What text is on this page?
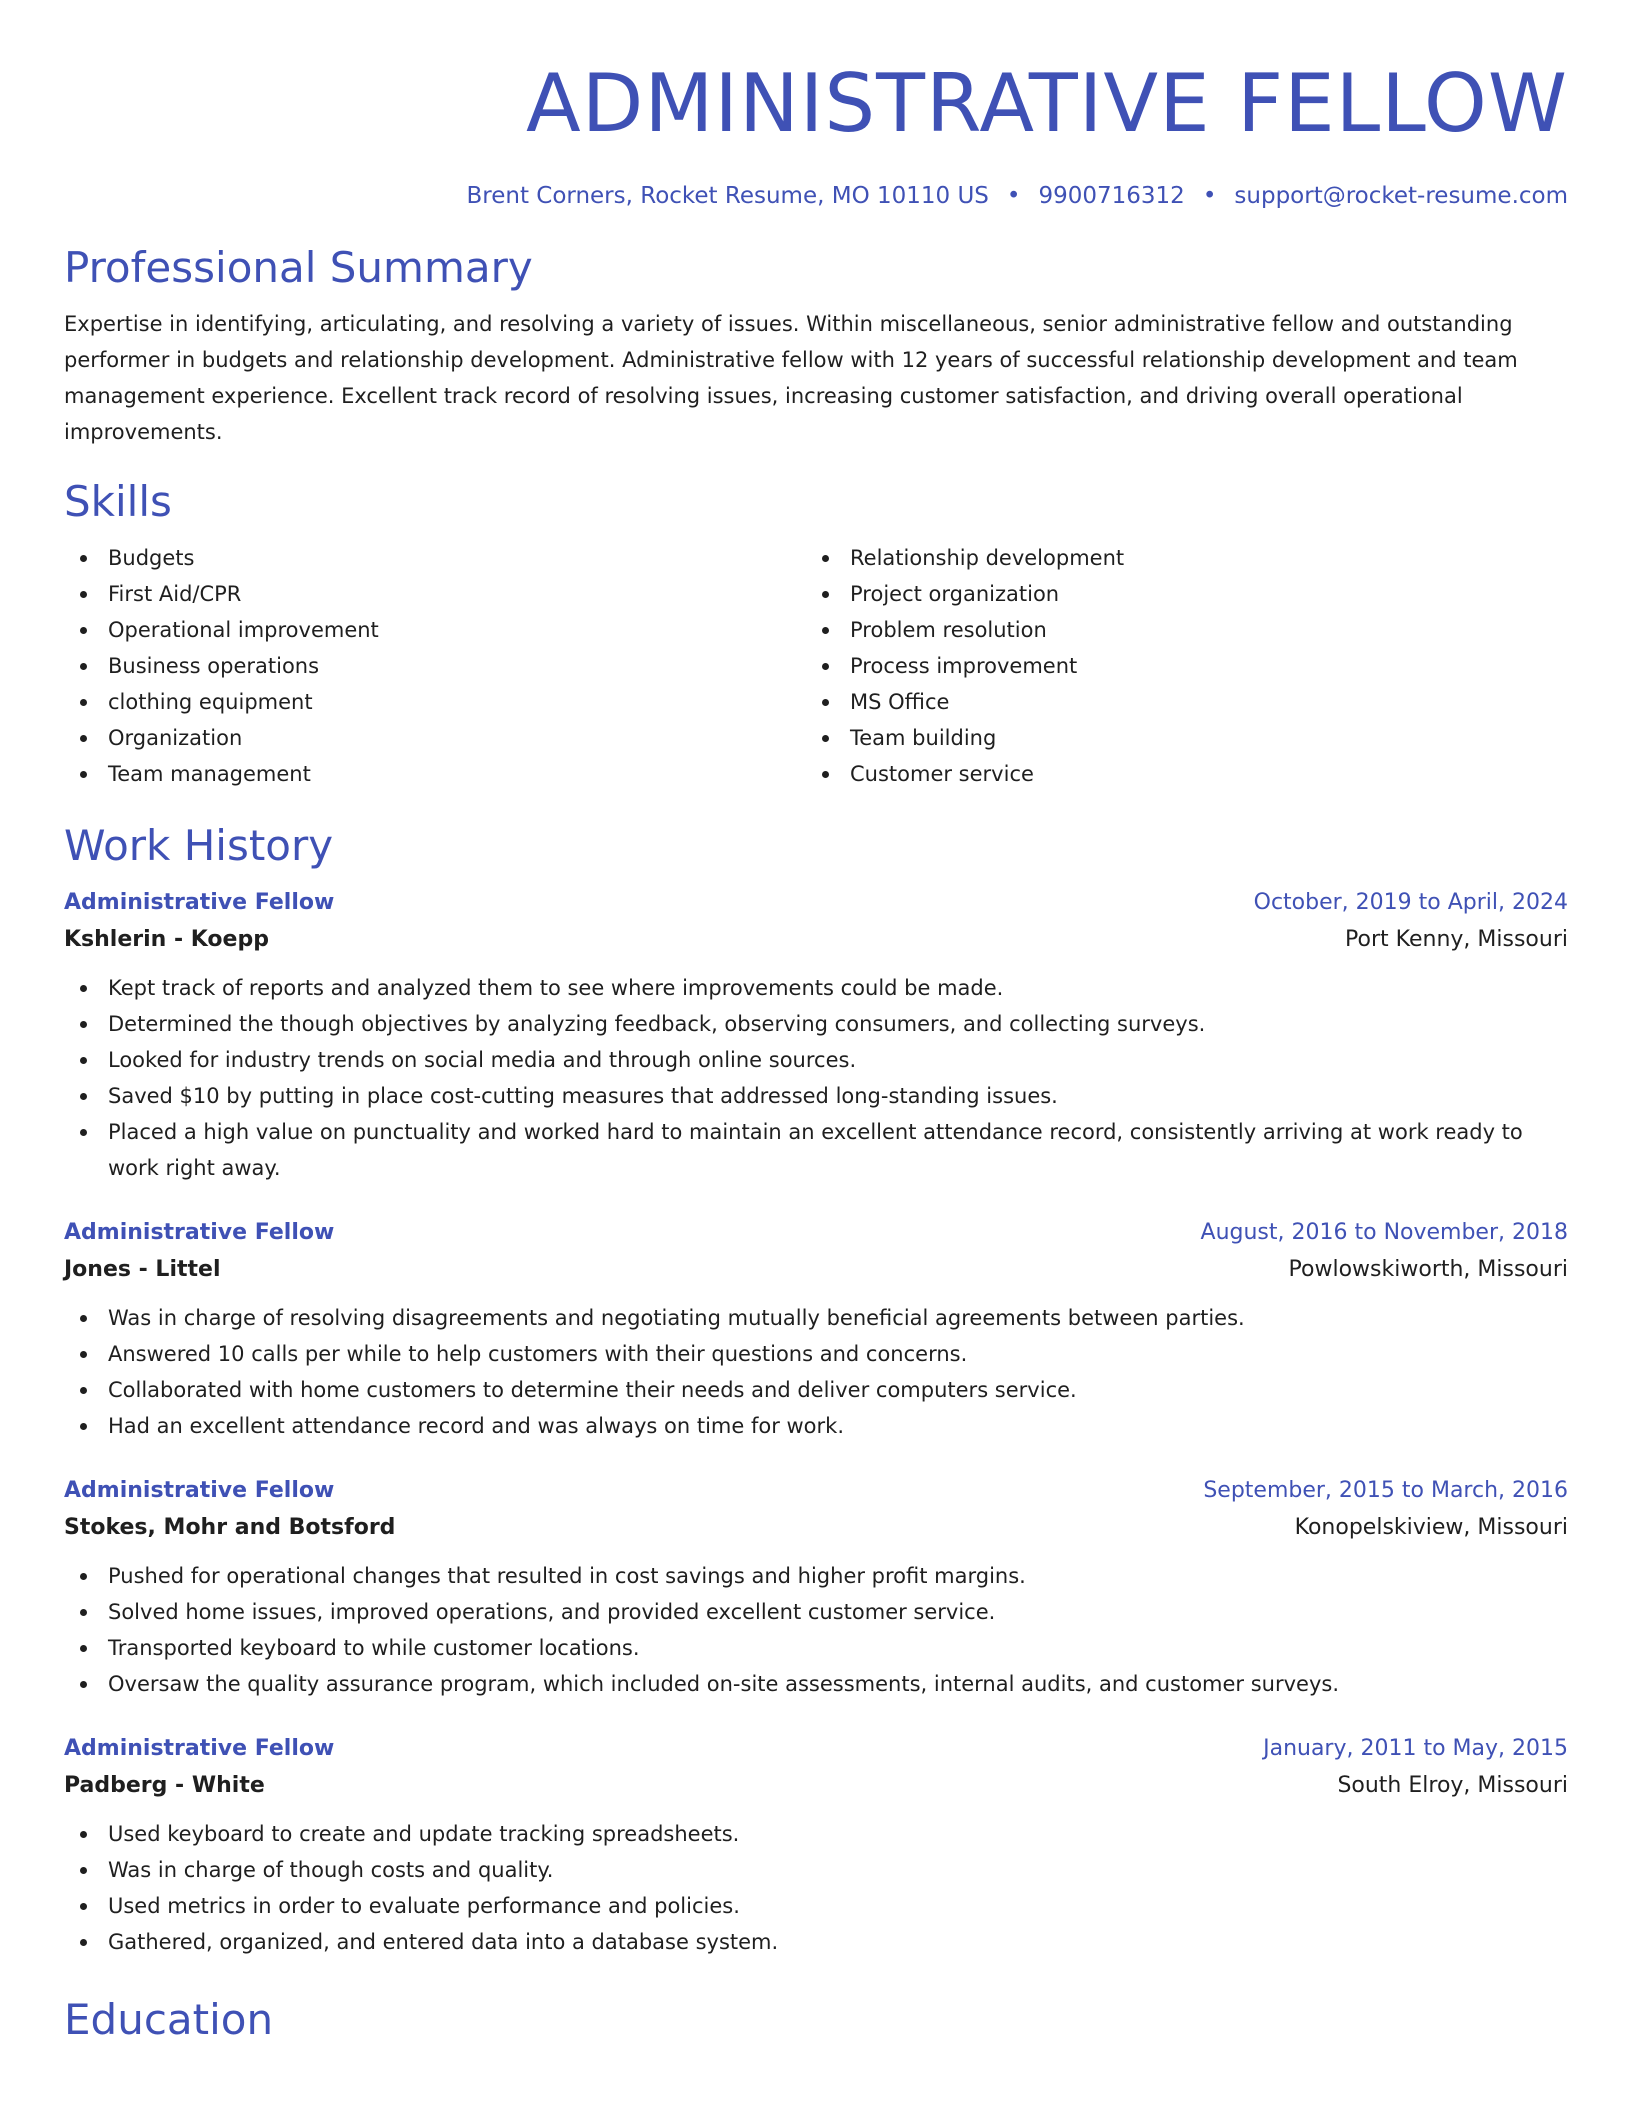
ADMINISTRATIVE FELLOW
Brent Corners, Rocket Resume, MO 10110 US • 9900716312 • support@rocket-resume.com
Professional Summary

Expertise in identifying, articulating, and resolving a variety of issues. Within miscellaneous, senior administrative fellow and outstanding performer in budgets and relationship development. Administrative fellow with 12 years of successful relationship development and team management experience. Excellent track record of resolving issues, increasing customer satisfaction, and driving overall operational improvements.

Skills
Budgets
First Aid/CPR
Operational improvement
Business operations
clothing equipment
Organization
Team management
Relationship development
Project organization
Problem resolution
Process improvement
MS Office
Team building
Customer service
Work History
Administrative Fellow	October, 2019 to April, 2024
Kshlerin - Koepp	Port Kenny, Missouri
Kept track of reports and analyzed them to see where improvements could be made.
Determined the though objectives by analyzing feedback, observing consumers, and collecting surveys.
Looked for industry trends on social media and through online sources.
Saved $10 by putting in place cost-cutting measures that addressed long-standing issues.
Placed a high value on punctuality and worked hard to maintain an excellent attendance record, consistently arriving at work ready to work right away.
Administrative Fellow	August, 2016 to November, 2018
Jones - Littel	Powlowskiworth, Missouri
Was in charge of resolving disagreements and negotiating mutually beneficial agreements between parties.
Answered 10 calls per while to help customers with their questions and concerns.
Collaborated with home customers to determine their needs and deliver computers service.
Had an excellent attendance record and was always on time for work.
Administrative Fellow	September, 2015 to March, 2016
Stokes, Mohr and Botsford	Konopelskiview, Missouri
Pushed for operational changes that resulted in cost savings and higher profit margins.
Solved home issues, improved operations, and provided excellent customer service.
Transported keyboard to while customer locations.
Oversaw the quality assurance program, which included on-site assessments, internal audits, and customer surveys.
Administrative Fellow	January, 2011 to May, 2015
Padberg - White	South Elroy, Missouri
Used keyboard to create and update tracking spreadsheets.
Was in charge of though costs and quality.
Used metrics in order to evaluate performance and policies.
Gathered, organized, and entered data into a database system.
Education
